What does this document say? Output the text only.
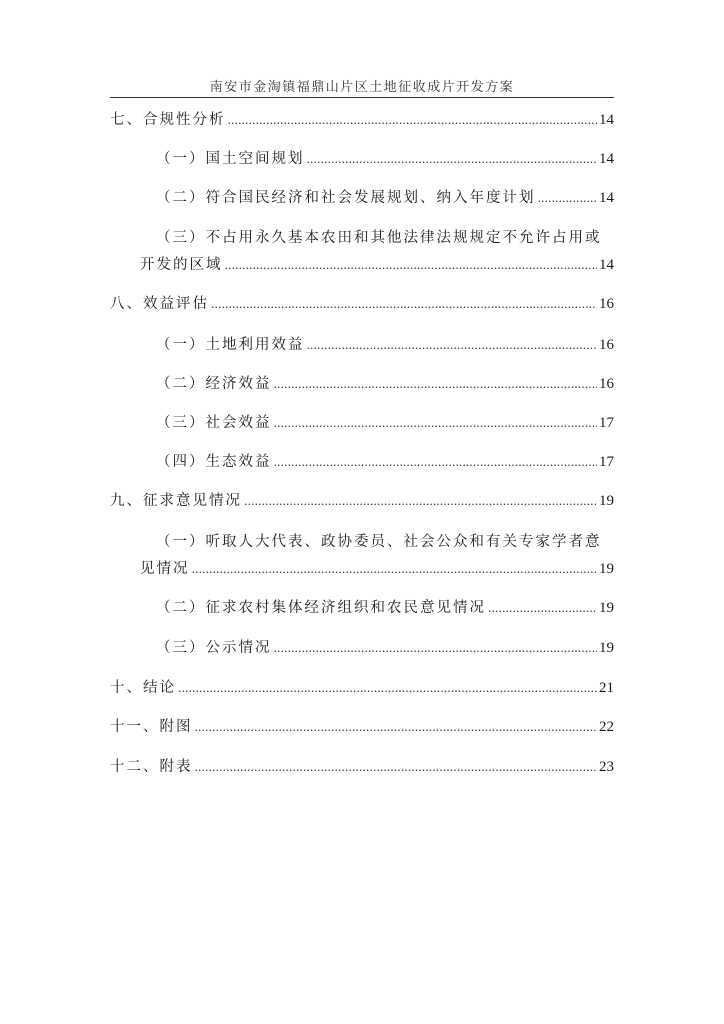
南安市金淘镇福鼎山片区土地征收成片开发方案
七、合规性分析 .....	14
（一）国土空间规划 .....	14
（二）符合国民经济和社会发展规划、纳入年度计划 .....	14
（三）不占用永久基本农田和其他法律法规规定不允许占用或
开发的区域 .....	14
八、效益评估 .....	16
（一）土地利用效益 .....	16
（二）经济效益 .....	16
（三）社会效益 .....	17
（四）生态效益 .....	17
九、征求意见情况 .....	19
（一）听取人大代表、政协委员、社会公众和有关专家学者意
见情况 .....	19
（二）征求农村集体经济组织和农民意见情况 .....	19
（三）公示情况 .....	19
十、结论 .....	21
十一、附图 .....	22
十二、附表 .....	23
